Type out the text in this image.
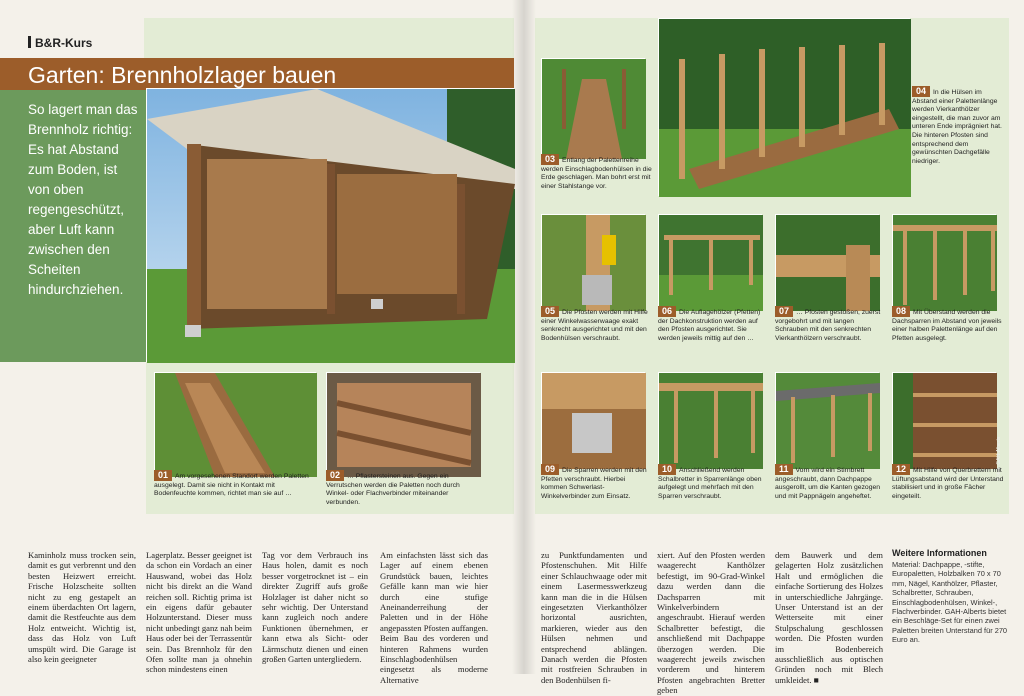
B&R-Kurs
Garten: Brennholzlager bauen
So lagert man das Brennholz richtig: Es hat Abstand zum Boden, ist von oben regengeschützt, aber Luft kann zwischen den Scheiten hindurchziehen.
01 Am vorgesehenen Standort werden Paletten ausgelegt. Damit sie nicht in Kontakt mit Bodenfeuchte kommen, richtet man sie auf …
02 … Pflastersteinen aus. Gegen ein Verrutschen werden die Paletten noch durch Winkel- oder Flachverbinder miteinander verbunden.
03 Entlang der Palettenreihe werden Einschlagbodenhülsen in die Erde geschlagen. Man bohrt erst mit einer Stahlstange vor.
04 In die Hülsen im Abstand einer Palettenlänge werden Vierkanthölzer eingestellt, die man zuvor am unteren Ende imprägniert hat. Die hinteren Pfosten sind entsprechend dem gewünschten Dachgefälle niedriger.
05 Die Pfosten werden mit Hilfe einer Winkelwasserwaage exakt senkrecht ausgerichtet und mit den Bodenhülsen verschraubt.
06 Die Auflagehölzer (Pfetten) der Dachkonstruktion werden auf den Pfosten ausgerichtet. Sie werden jeweils mittig auf den …
07 … Pfosten gestoßen, zuerst vorgebohrt und mit langen Schrauben mit den senkrechten Vierkanthölzern verschraubt.
08 Mit Überstand werden die Dachsparren im Abstand von jeweils einer halben Palettenlänge auf den Pfetten ausgelegt.
Fotos: GAH-Alberts
09 Die Sparren werden mit den Pfetten verschraubt. Hierbei kommen Schwerlast-Winkelverbinder zum Einsatz.
10 Anschließend werden Schalbretter in Sparrenlänge oben aufgelegt und mehrfach mit den Sparren verschraubt.
11 Vorn wird ein Stirnbrett angeschraubt, dann Dachpappe ausgerollt, um die Kanten gezogen und mit Pappnägeln angeheftet.
12 Mit Hilfe von Querbrettern mit Lüftungsabstand wird der Unterstand stabilisiert und in große Fächer eingeteilt.
Kaminholz muss trocken sein, damit es gut verbrennt und den besten Heizwert erreicht. Frische Holzscheite sollten nicht zu eng gestapelt an einem überdachten Ort lagern, damit die Restfeuchte aus dem Holz entweicht. Wichtig ist, dass das Holz von Luft umspült wird. Die Garage ist also kein geeigneter
Lagerplatz. Besser geeignet ist da schon ein Vordach an einer Hauswand, wobei das Holz nicht bis direkt an die Wand reichen soll. Richtig prima ist ein eigens dafür gebauter Holzunterstand. Dieser muss nicht unbedingt ganz nah beim Haus oder bei der Terrassentür sein. Das Brennholz für den Ofen sollte man ja ohnehin schon mindestens einen
Tag vor dem Verbrauch ins Haus holen, damit es noch besser vorgetrocknet ist – ein direkter Zugriff aufs große Holzlager ist daher nicht so sehr wichtig. Der Unterstand kann zugleich noch andere Funktionen übernehmen, er kann etwa als Sicht- oder Lärmschutz dienen und einen großen Garten untergliedern.
Am einfachsten lässt sich das Lager auf einem ebenen Grundstück bauen, leichtes Gefälle kann man wie hier durch eine stufige Aneinanderreihung der Paletten und in der Höhe angepassten Pfosten auffangen. Beim Bau des vorderen und hinteren Rahmens wurden Einschlagbodenhülsen eingesetzt als moderne Alternative
zu Punktfundamenten und Pfostenschuhen. Mit Hilfe einer Schlauchwaage oder mit einem Lasermesswerkzeug kann man die in die Hülsen eingesetzten Vierkanthölzer horizontal ausrichten, markieren, wieder aus den Hülsen nehmen und entsprechend ablängen. Danach werden die Pfosten mit rostfreien Schrauben in den Bodenhülsen fi-
xiert. Auf den Pfosten werden waagerecht Kanthölzer befestigt, im 90-Grad-Winkel dazu werden dann die Dachsparren mit Winkelverbindern angeschraubt. Hierauf werden Schalbretter befestigt, die anschließend mit Dachpappe überzogen werden. Die waagerecht jeweils zwischen vorderem und hinterem Pfosten angebrachten Bretter geben
dem Bauwerk und dem gelagerten Holz zusätzlichen Halt und ermöglichen die einfache Sortierung des Holzes in unterschiedliche Jahrgänge. Unser Unterstand ist an der Wetterseite mit einer Stulpschalung geschlossen worden. Die Pfosten wurden im Bodenbereich ausschließlich aus optischen Gründen noch mit Blech umkleidet. ■
Weitere Informationen
Material: Dachpappe, -stifte, Europaletten, Holzbalken 70 x 70 mm, Nägel, Kanthölzer, Pflaster, Schalbretter, Schrauben, Einschlagbodenhülsen, Winkel-, Flachverbinder. GAH-Alberts bietet ein Beschläge-Set für einen zwei Paletten breiten Unterstand für 270 Euro an.
